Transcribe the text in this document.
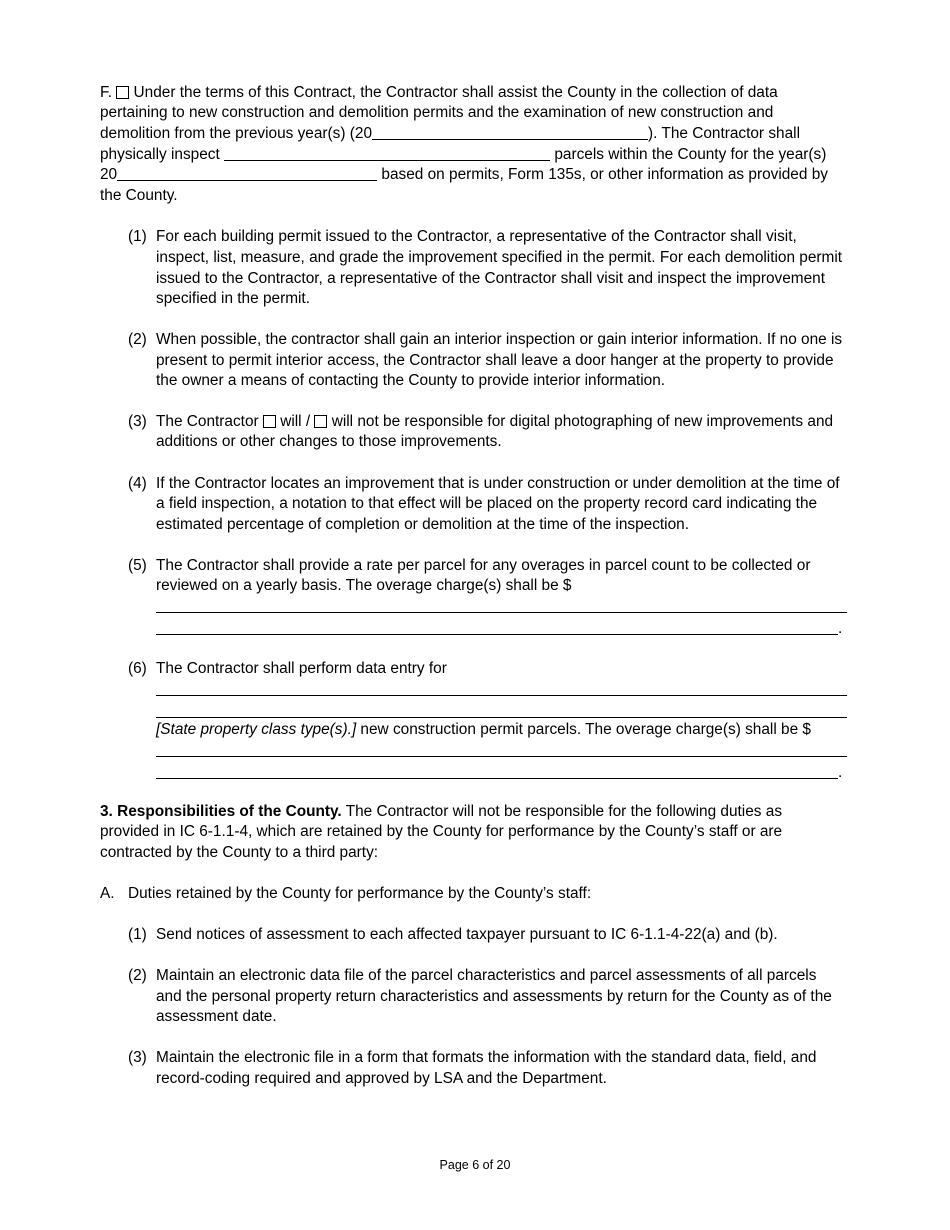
F. Under the terms of this Contract, the Contractor shall assist the County in the collection of data
pertaining to new construction and demolition permits and the examination of new construction and
demolition from the previous year(s) (20	). The Contractor shall
physically inspect	parcels within the County for the year(s)
20	based on permits, Form 135s, or other information as provided by
the County.
(1) For each building permit issued to the Contractor, a representative of the Contractor shall visit,
inspect, list, measure, and grade the improvement specified in the permit. For each demolition permit
issued to the Contractor, a representative of the Contractor shall visit and inspect the improvement
specified in the permit.
(2) When possible, the contractor shall gain an interior inspection or gain interior information. If no one is
present to permit interior access, the Contractor shall leave a door hanger at the property to provide
the owner a means of contacting the County to provide interior information.
(3) The Contractor will / will not be responsible for digital photographing of new improvements and
additions or other changes to those improvements.
(4) If the Contractor locates an improvement that is under construction or under demolition at the time of
a field inspection, a notation to that effect will be placed on the property record card indicating the
estimated percentage of completion or demolition at the time of the inspection.
(5) The Contractor shall provide a rate per parcel for any overages in parcel count to be collected or
reviewed on a yearly basis. The overage charge(s) shall be $
.
(6) The Contractor shall perform data entry for
[State property class type(s).] new construction permit parcels. The overage charge(s) shall be $
.
3. Responsibilities of the County. The Contractor will not be responsible for the following duties as
provided in IC 6-1.1-4, which are retained by the County for performance by the County’s staff or are
contracted by the County to a third party:
A. Duties retained by the County for performance by the County’s staff:
(1) Send notices of assessment to each affected taxpayer pursuant to IC 6-1.1-4-22(a) and (b).
(2) Maintain an electronic data file of the parcel characteristics and parcel assessments of all parcels
and the personal property return characteristics and assessments by return for the County as of the
assessment date.
(3) Maintain the electronic file in a form that formats the information with the standard data, field, and
record-coding required and approved by LSA and the Department.
Page 6 of 20
